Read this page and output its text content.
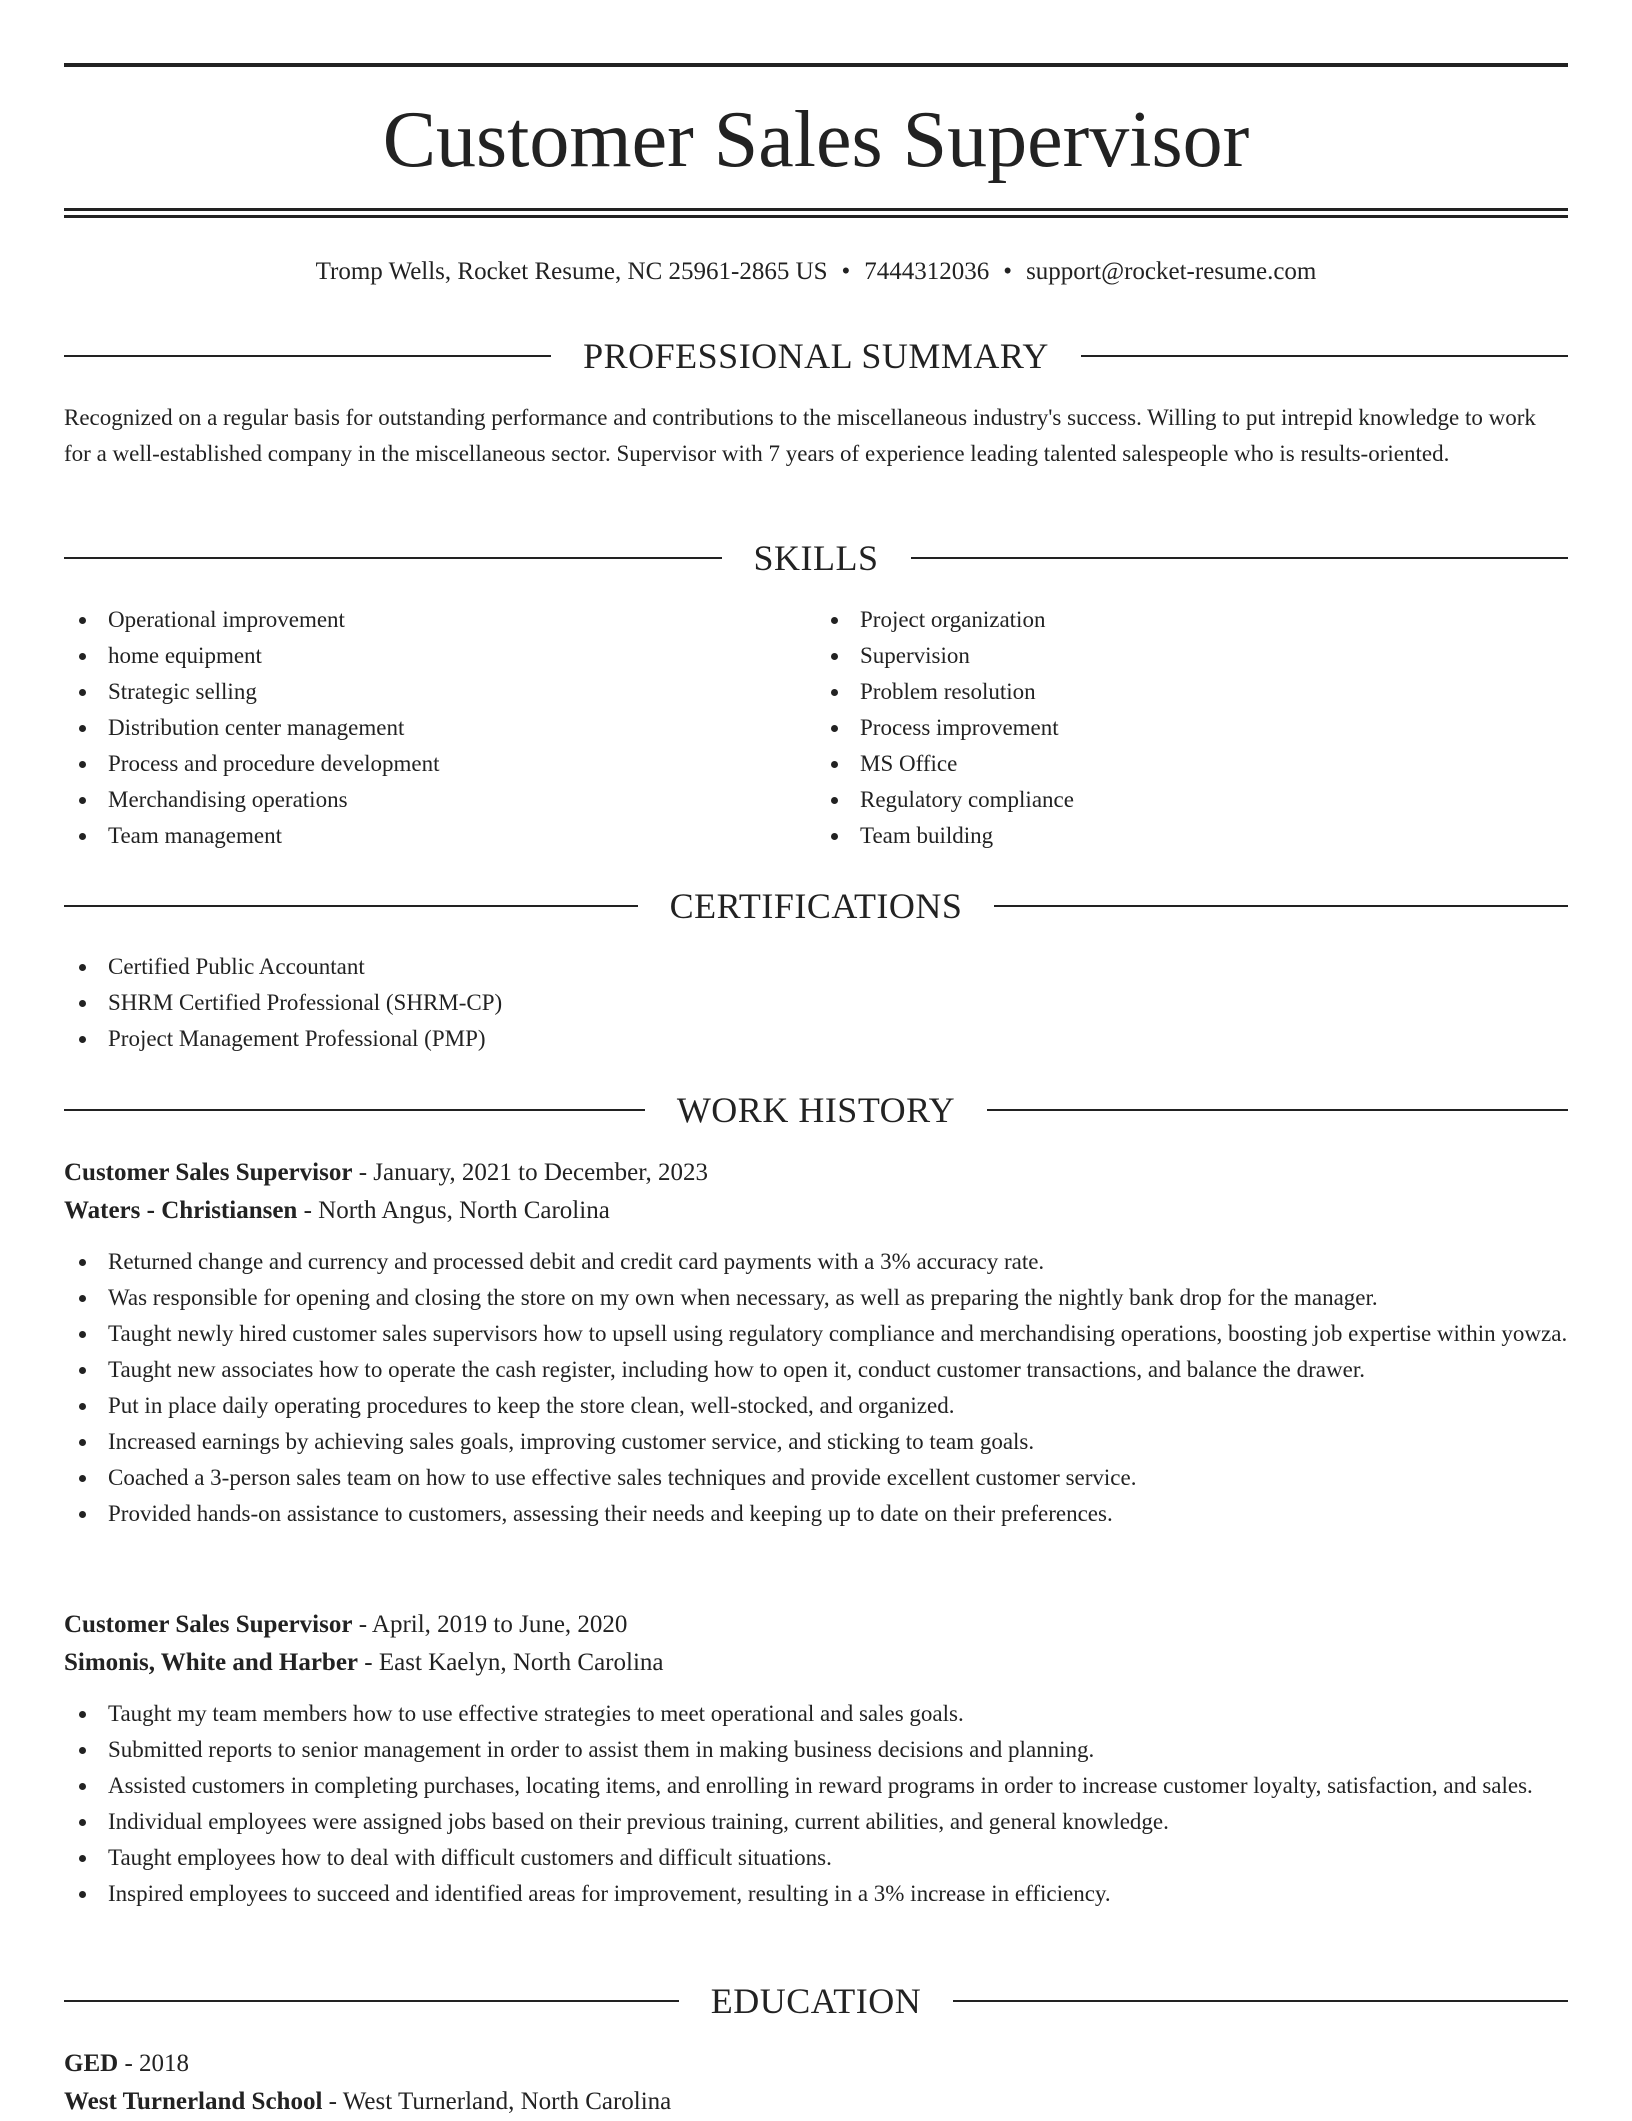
Customer Sales Supervisor
Tromp Wells, Rocket Resume, NC 25961-2865 US • 7444312036 • support@rocket-resume.com
PROFESSIONAL SUMMARY

Recognized on a regular basis for outstanding performance and contributions to the miscellaneous industry's success. Willing to put intrepid knowledge to work for a well-established company in the miscellaneous sector. Supervisor with 7 years of experience leading talented salespeople who is results-oriented.

SKILLS
Operational improvement
home equipment
Strategic selling
Distribution center management
Process and procedure development
Merchandising operations
Team management
Project organization
Supervision
Problem resolution
Process improvement
MS Office
Regulatory compliance
Team building
CERTIFICATIONS
Certified Public Accountant
SHRM Certified Professional (SHRM-CP)
Project Management Professional (PMP)
WORK HISTORY
Customer Sales Supervisor - January, 2021 to December, 2023
Waters - Christiansen - North Angus, North Carolina
Returned change and currency and processed debit and credit card payments with a 3% accuracy rate.
Was responsible for opening and closing the store on my own when necessary, as well as preparing the nightly bank drop for the manager.
Taught newly hired customer sales supervisors how to upsell using regulatory compliance and merchandising operations, boosting job expertise within yowza.
Taught new associates how to operate the cash register, including how to open it, conduct customer transactions, and balance the drawer.
Put in place daily operating procedures to keep the store clean, well-stocked, and organized.
Increased earnings by achieving sales goals, improving customer service, and sticking to team goals.
Coached a 3-person sales team on how to use effective sales techniques and provide excellent customer service.
Provided hands-on assistance to customers, assessing their needs and keeping up to date on their preferences.
Customer Sales Supervisor - April, 2019 to June, 2020
Simonis, White and Harber - East Kaelyn, North Carolina
Taught my team members how to use effective strategies to meet operational and sales goals.
Submitted reports to senior management in order to assist them in making business decisions and planning.
Assisted customers in completing purchases, locating items, and enrolling in reward programs in order to increase customer loyalty, satisfaction, and sales.
Individual employees were assigned jobs based on their previous training, current abilities, and general knowledge.
Taught employees how to deal with difficult customers and difficult situations.
Inspired employees to succeed and identified areas for improvement, resulting in a 3% increase in efficiency.
EDUCATION
GED - 2018
West Turnerland School - West Turnerland, North Carolina
